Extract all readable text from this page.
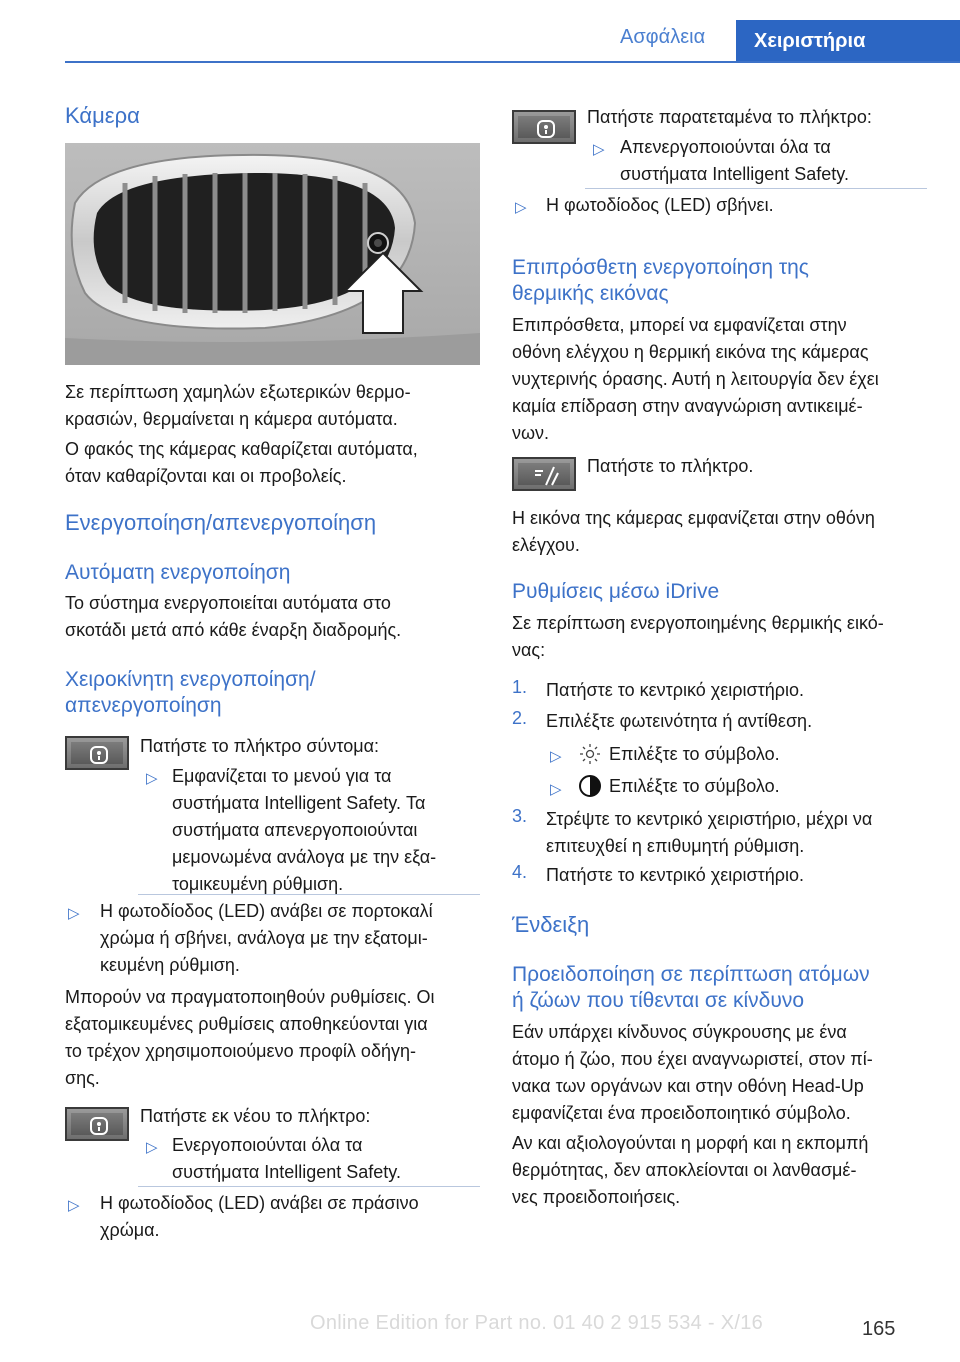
Ασφάλεια	Χειριστήρια
Κάμερα
Σε περίπτωση χαμηλών εξωτερικών θερμο-
κρασιών, θερμαίνεται η κάμερα αυτόματα.
Ο φακός της κάμερας καθαρίζεται αυτόματα,
όταν καθαρίζονται και οι προβολείς.
Ενεργοποίηση/απενεργοποίηση
Αυτόματη ενεργοποίηση
Το σύστημα ενεργοποιείται αυτόματα στο
σκοτάδι μετά από κάθε έναρξη διαδρομής.
Χειροκίνητη ενεργοποίηση/
απενεργοποίηση
Πατήστε το πλήκτρο σύντομα:
▷ Εμφανίζεται το μενού για τα
συστήματα Intelligent Safety. Τα
συστήματα απενεργοποιούνται
μεμονωμένα ανάλογα με την εξα-
τομικευμένη ρύθμιση.
▷ Η φωτοδίοδος (LED) ανάβει σε πορτοκαλί
χρώμα ή σβήνει, ανάλογα με την εξατομι-
κευμένη ρύθμιση.
Μπορούν να πραγματοποιηθούν ρυθμίσεις. Οι
εξατομικευμένες ρυθμίσεις αποθηκεύονται για
το τρέχον χρησιμοποιούμενο προφίλ οδήγη-
σης.
Πατήστε εκ νέου το πλήκτρο:
▷ Ενεργοποιούνται όλα τα
συστήματα Intelligent Safety.
▷ Η φωτοδίοδος (LED) ανάβει σε πράσινο
χρώμα.
Πατήστε παρατεταμένα το πλήκτρο:
▷ Απενεργοποιούνται όλα τα
συστήματα Intelligent Safety.
▷ Η φωτοδίοδος (LED) σβήνει.
Επιπρόσθετη ενεργοποίηση της
θερμικής εικόνας
Επιπρόσθετα, μπορεί να εμφανίζεται στην
οθόνη ελέγχου η θερμική εικόνα της κάμερας
νυχτερινής όρασης. Αυτή η λειτουργία δεν έχει
καμία επίδραση στην αναγνώριση αντικειμέ-
νων.
Πατήστε το πλήκτρο.
Η εικόνα της κάμερας εμφανίζεται στην οθόνη
ελέγχου.
Ρυθμίσεις μέσω iDrive
Σε περίπτωση ενεργοποιημένης θερμικής εικό-
νας:
1. Πατήστε το κεντρικό χειριστήριο.
2. Επιλέξτε φωτεινότητα ή αντίθεση.
▷	Επιλέξτε το σύμβολο.
▷	Επιλέξτε το σύμβολο.
3. Στρέψτε το κεντρικό χειριστήριο, μέχρι να
επιτευχθεί η επιθυμητή ρύθμιση.
4. Πατήστε το κεντρικό χειριστήριο.
Ένδειξη
Προειδοποίηση σε περίπτωση ατόμων
ή ζώων που τίθενται σε κίνδυνο
Εάν υπάρχει κίνδυνος σύγκρουσης με ένα
άτομο ή ζώο, που έχει αναγνωριστεί, στον πί-
νακα των οργάνων και στην οθόνη Head-Up
εμφανίζεται ένα προειδοποιητικό σύμβολο.
Αν και αξιολογούνται η μορφή και η εκπομπή
θερμότητας, δεν αποκλείονται οι λανθασμέ-
νες προειδοποιήσεις.
Online Edition for Part no. 01 40 2 915 534 - X/16	165
